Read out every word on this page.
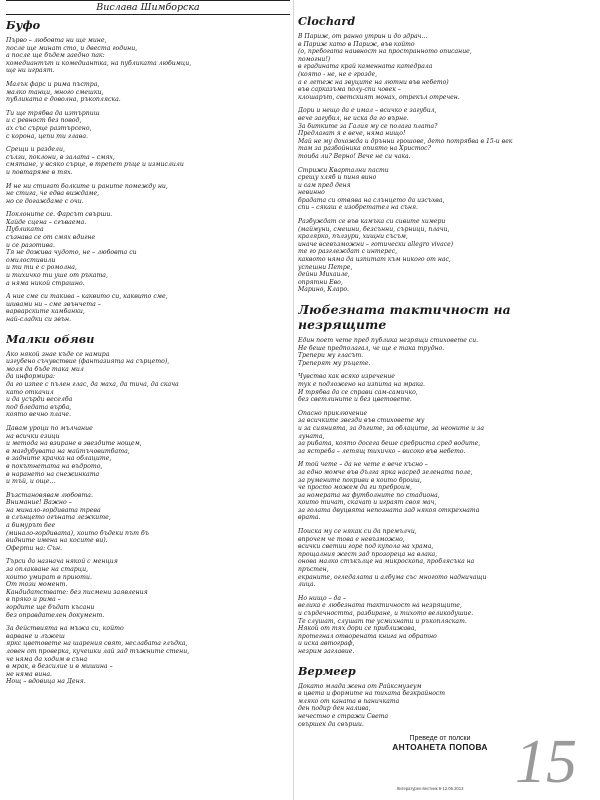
Вислава Шимборска
Буфо
Първо – любовта ни ще мине,
после ще минат сто, и двеста години,
а после ще бъдем заедно пак:
комедиантът и комедиантка, на публиката любимци,
ще ни играят.
Малък фарс и рима пъстра,
малко танци, много смешки,
публиката е доволна, ръкопляска.
Ти ще трябва да изтърпиш
и с ревност без повод,
ах със сърце разтърсено,
с корона, цепи ти глава.
Срещи и раздели,
сълзи, поклони, в залата – смях,
смятане, у всяко сърце, в трепет ръце и измислили
и повтаряме в тях.
И не ни стигат болките и раните помежду ни,
не стига, че едва виждаме,
но се догаждаме с очи.
Поклоните се. Фарсът свърши.
Хайде сцена – сгъваема.
Публиката
съзнава се от смях вдигне
и се разотива.
Тя не дожива чудото, не – любовта си
омилостивили
и ти ти е с ромолна,
и тихичко ти уше от ръката,
а няма никой страшно.
А ние сме си такива – каквито си, каквито сме,
шивами ни – сме звънчета –
варварските камбанки,
най-сладки си звън.
Малки обяви
Ако някой знае къде се намира
изгубено съчувствие (фантазията на сърцето),
моля да бъде така мил
да информира:
да го изпее с пълен глас, да маха, да тича, да скача
като откачил
и да усърди веселба
под бледата върба,
която вечно плаче.
Давам уроци по мълчание
на всички езици
и метода на взиране в звездите нощем,
в магдубувата на майтъчовитбата,
в задните крачка на облаците,
в покътнетата на въдрото,
в нарането на снежинката
и тъй, и още...
Възстановявам любовта.
Внимание! Важно –
на минало-гордивата трева
в слънцето огъната лежките,
а бимурът бее
(минало-гордивата), които бъдеки път бъ
видните имена на косите ви).
Оферти на: Сън.
Търси да назнача някой с менция
за оплакване на старци,
които умират в приюти.
От този момент.
Кандидатствате: без писмени заявления
в пряко и рима –
гордите ще бъдат късани
без оправдателен документ.
За действията на мъжа си, който
варване и лъжеш
яркс цветовете на шарения свят, неслабата глъдка,
ловен от проверка, кучешки лай зад тъжните стени,
че няма да ходим в съна
в мрак, в безсилие и в мишина –
не няма вина.
Нощ – вдовица на Деня.
Clochard
В Париж, от ранно утрин и до здрач...
в Париж като в Париж, във който
(о, пребогата наивност на пространното описание,
помогни!)
в градината край каменната катедрала
(която - не, не е грозде,
а е летеж на звуците на лютни във небето)
във сарказъма полу-спи човек –
клошарът, светският монах, отрекъл отречен.
Дори и нещо да е имал – всичко е загубил,
вече загубил, не иска да го върне.
За битките за Галия му се полага плата?
Предлагат я е вече, няма нищо!
Май не му дохожда и дрънни грошове, дето потрябва в 15-и век
там за разбойника опиято на Христос?
тоиба ли? Верно! Вече не си чака.
Стрижи Квартални пасти
срещу хляб и пиня вино
и сам пред деня
невинно
брадата си отвява на слънцето да изсъхва,
спи – сякаш е изобретател на съня.
Разбуждат се във камъка си сивите химери
(маймуни, смешни, безсънни, сърници, плачи,
кралярко, пълзури, хищни съсъм,
иначе всевъзможни – готически allegro vivace)
те го разглеждат с интерес,
каквото няма да изпитат към никого от нас,
успешни Петре,
дейни Михаиле,
опрятни Ево,
Марино, Кларо.
Любезната тактичност на незрящите
Един поет чете пред публика незрящи стиховете си.
Не беше предполагал, че ще е така трудно.
Трепери му гласът.
Треперят му ръцете.
Чувства как всяко изречение
тук е подложено на изпита на мрака.
И трябва да се справи сам-самичко,
без светлините и без цветовете.
Опасно приключение
за всичките звезди във стиховете му
и за сиянията, за дъгите, за облаците, за неоните и за
луната,
за рибата, която досега беше сребриста сред водите,
за ястреба – летящ тихичко – високо във небето.
И той чете – да не чете е вече късно –
за едно момче във дълга ярка насред зелената поле,
за румените покриви в които броиш,
че просто можем да ги преброим,
за номерата на футболните по стадиона,
които тичат, скачат и играят своя мач,
за голата двуцвята непозната зад някоя открехната
врата.
Поиска му се някак си да премълчи,
впрочем че това е невъзможно,
всички светии горе под купола на храма,
прощалния жест зад прозореца на влака,
онова малко стъкълце на микроскопа, проблясъка на
пръстен,
екраните, огледалата и албума със многото надничащи
лица.
Но нищо – да –
велика е любезната тактичност на незрящите,
и сърдечността, разбиране, и тихото великодушие.
Те слушат, слушат те усмихнати и ръкопляскат.
Някой от тях дори се приближава,
протегнал отворената книга на обратно
и иска автограф,
незрим заглавие.
Вермеер
Докато млада жена от Райксмузеум
в цвета и формите на тихата безкрайност
мляко от каната в паничката
ден подир ден налива,
нечестно е стражи Света
свършек да свърши.
Преведе от полски
АНТОАНЕТА ПОПОВА 15
Литературен вестник 6-12.06.2013
